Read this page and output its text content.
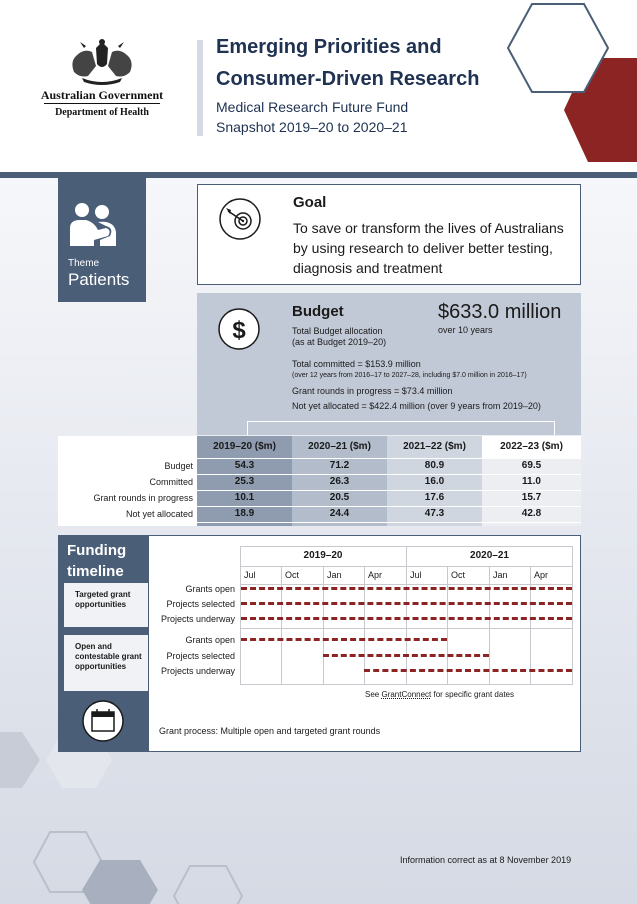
Australian Government
Department of Health
Emerging Priorities and
Consumer-Driven Research
Medical Research Future Fund
Snapshot 2019–20 to 2020–21
Theme
Patients
Goal
To save or transform the lives of Australians by using research to deliver better testing, diagnosis and treatment
$
Budget
Total Budget allocation
(as at Budget 2019–20)
$633.0 million
over 10 years
Total committed = $153.9 million
(over 12 years from 2016–17 to 2027–28, including $7.0 million in 2016–17)
Grant rounds in progress = $73.4 million
Not yet allocated = $422.4 million (over 9 years from 2019–20)
2019–20 ($m)	2020–21 ($m)	2021–22 ($m)	2022–23 ($m)
Budget	54.3	71.2	80.9	69.5
Committed	25.3	26.3	16.0	11.0
Grant rounds in progress	10.1	20.5	17.6	15.7
Not yet allocated	18.9	24.4	47.3	42.8
Funding
timeline
Targeted grant opportunities
Open and contestable grant opportunities
2019–20	2020–21
Jul	Oct	Jan	Apr	Jul	Oct	Jan	Apr
Grants open
Projects selected
Projects underway
Grants open
Projects selected
Projects underway
See GrantConnect for specific grant dates
Grant process: Multiple open and targeted grant rounds
Information correct as at 8 November 2019
